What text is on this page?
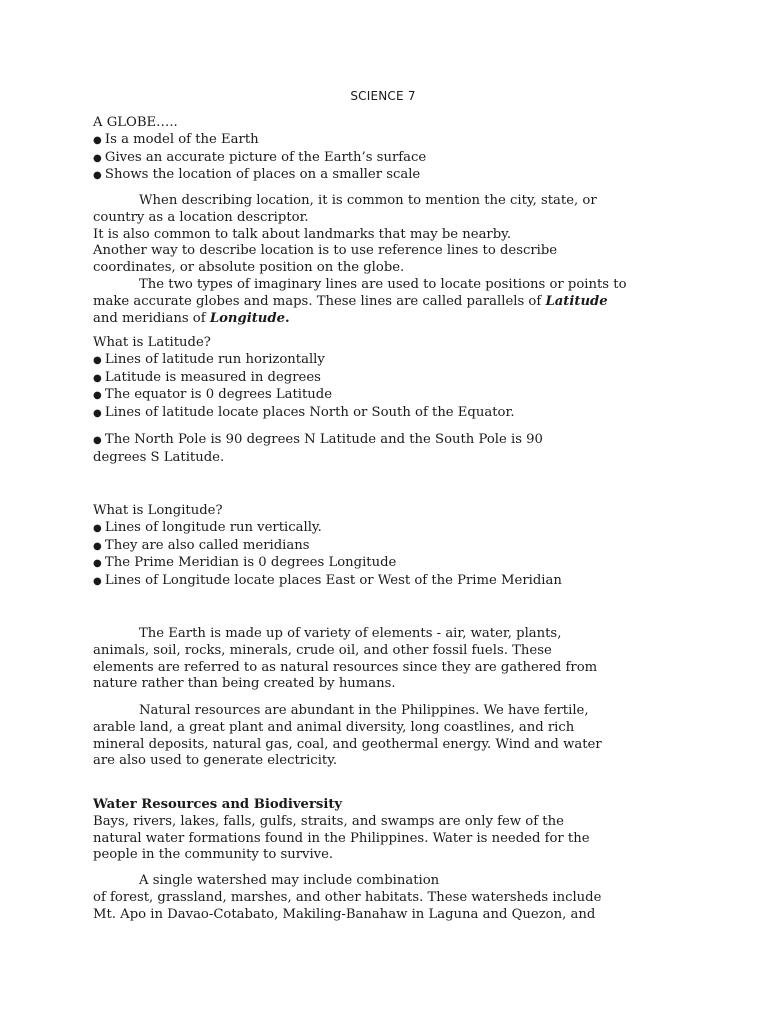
SCIENCE 7
A GLOBE…..
● Is a model of the Earth
● Gives an accurate picture of the Earth’s surface
● Shows the location of places on a smaller scale
When describing location, it is common to mention the city, state, or
country as a location descriptor.
It is also common to talk about landmarks that may be nearby.
Another way to describe location is to use reference lines to describe
coordinates, or absolute position on the globe.
The two types of imaginary lines are used to locate positions or points to
make accurate globes and maps. These lines are called parallels of Latitude
and meridians of Longitude.
What is Latitude?
● Lines of latitude run horizontally
● Latitude is measured in degrees
● The equator is 0 degrees Latitude
● Lines of latitude locate places North or South of the Equator.
● The North Pole is 90 degrees N Latitude and the South Pole is 90
degrees S Latitude.
What is Longitude?
● Lines of longitude run vertically.
● They are also called meridians
● The Prime Meridian is 0 degrees Longitude
● Lines of Longitude locate places East or West of the Prime Meridian
The Earth is made up of variety of elements - air, water, plants,
animals, soil, rocks, minerals, crude oil, and other fossil fuels. These
elements are referred to as natural resources since they are gathered from
nature rather than being created by humans.
Natural resources are abundant in the Philippines. We have fertile,
arable land, a great plant and animal diversity, long coastlines, and rich
mineral deposits, natural gas, coal, and geothermal energy. Wind and water
are also used to generate electricity.
Water Resources and Biodiversity
Bays, rivers, lakes, falls, gulfs, straits, and swamps are only few of the
natural water formations found in the Philippines. Water is needed for the
people in the community to survive.
A single watershed may include combination
of forest, grassland, marshes, and other habitats. These watersheds include
Mt. Apo in Davao-Cotabato, Makiling-Banahaw in Laguna and Quezon, and
